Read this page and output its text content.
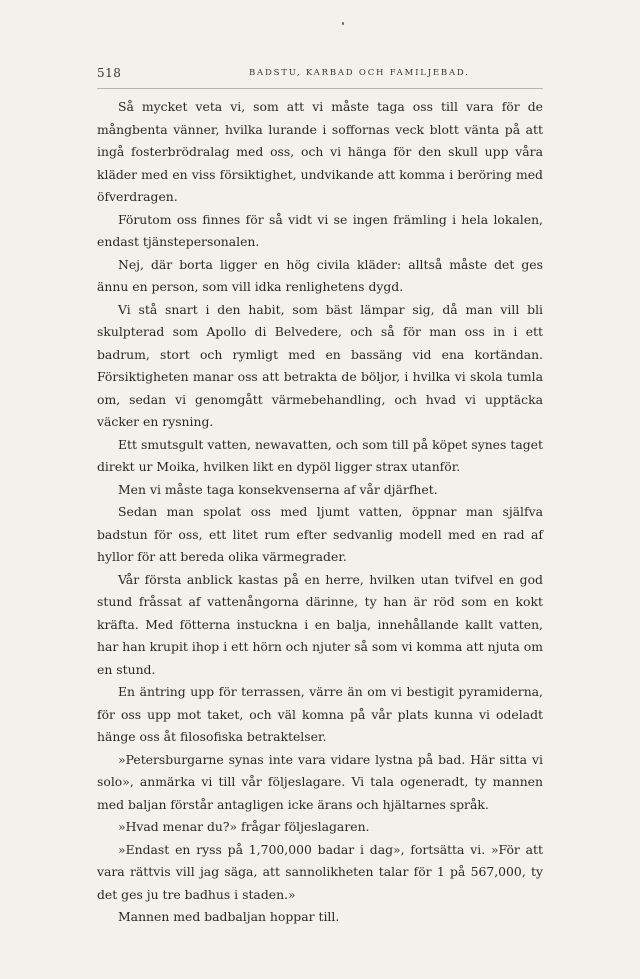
518	BADSTU, KARBAD OCH FAMILJEBAD.

Så mycket veta vi, som att vi måste taga oss till vara för de mångbenta vänner, hvilka lurande i soffornas veck blott vänta på att ingå fosterbrödralag med oss, och vi hänga för den skull upp våra kläder med en viss försiktighet, undvikande att komma i beröring med öfverdragen.

Förutom oss finnes för så vidt vi se ingen främling i hela lokalen, endast tjänstepersonalen.

Nej, där borta ligger en hög civila kläder: alltså måste det ges ännu en person, som vill idka renlighetens dygd.

Vi stå snart i den habit, som bäst lämpar sig, då man vill bli skulpterad som Apollo di Belvedere, och så för man oss in i ett badrum, stort och rymligt med en bassäng vid ena kortändan. Försiktigheten manar oss att betrakta de böljor, i hvilka vi skola tumla om, sedan vi genomgått värmebehandling, och hvad vi upptäcka väcker en rysning.

Ett smutsgult vatten, newavatten, och som till på köpet synes taget direkt ur Moika, hvilken likt en dypöl ligger strax utanför.

Men vi måste taga konsekvenserna af vår djärfhet.

Sedan man spolat oss med ljumt vatten, öppnar man själfva badstun för oss, ett litet rum efter sedvanlig modell med en rad af hyllor för att bereda olika värmegrader.

Vår första anblick kastas på en herre, hvilken utan tvifvel en god stund fråssat af vattenångorna därinne, ty han är röd som en kokt kräfta. Med fötterna instuckna i en balja, innehållande kallt vatten, har han krupit ihop i ett hörn och njuter så som vi komma att njuta om en stund.

En äntring upp för terrassen, värre än om vi bestigit pyramiderna, för oss upp mot taket, och väl komna på vår plats kunna vi odeladt hänge oss åt filosofiska betraktelser.

»Petersburgarne synas inte vara vidare lystna på bad. Här sitta vi solo», anmärka vi till vår följeslagare. Vi tala ogeneradt, ty mannen med baljan förstår antagligen icke ärans och hjältarnes språk.

»Hvad menar du?» frågar följeslagaren.

»Endast en ryss på 1,700,000 badar i dag», fortsätta vi. »För att vara rättvis vill jag säga, att sannolikheten talar för 1 på 567,000, ty det ges ju tre badhus i staden.»

Mannen med badbaljan hoppar till.
